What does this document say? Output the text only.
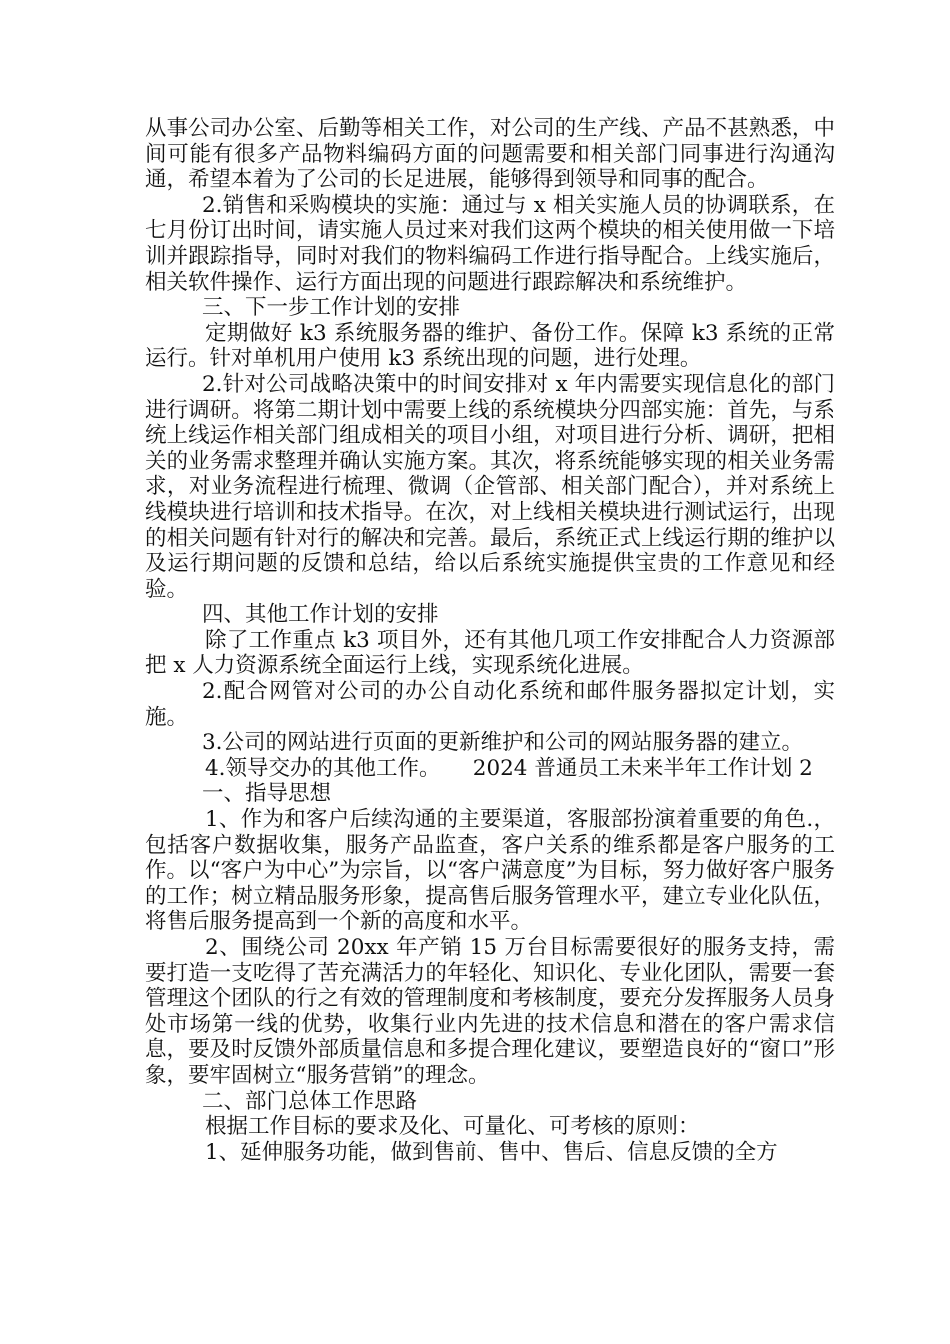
从事公司办公室、后勤等相关工作，对公司的生产线、产品不甚熟悉，中间可能有很多产品物料编码方面的问题需要和相关部门同事进行沟通沟通，希望本着为了公司的长足进展，能够得到领导和同事的配合。

2.销售和采购模块的实施：通过与 x 相关实施人员的协调联系，在七月份订出时间，请实施人员过来对我们这两个模块的相关使用做一下培训并跟踪指导，同时对我们的物料编码工作进行指导配合。上线实施后，相关软件操作、运行方面出现的问题进行跟踪解决和系统维护。

三、下一步工作计划的安排

定期做好 k3 系统服务器的维护、备份工作。保障 k3 系统的正常运行。针对单机用户使用 k3 系统出现的问题，进行处理。

2.针对公司战略决策中的时间安排对 x 年内需要实现信息化的部门进行调研。将第二期计划中需要上线的系统模块分四部实施：首先，与系统上线运作相关部门组成相关的项目小组，对项目进行分析、调研，把相关的业务需求整理并确认实施方案。其次，将系统能够实现的相关业务需求，对业务流程进行梳理、微调（企管部、相关部门配合），并对系统上线模块进行培训和技术指导。在次，对上线相关模块进行测试运行，出现的相关问题有针对行的解决和完善。最后，系统正式上线运行期的维护以及运行期问题的反馈和总结，给以后系统实施提供宝贵的工作意见和经验。

四、其他工作计划的安排

除了工作重点 k3 项目外，还有其他几项工作安排配合人力资源部把 x 人力资源系统全面运行上线，实现系统化进展。

2.配合网管对公司的办公自动化系统和邮件服务器拟定计划，实施。

3.公司的网站进行页面的更新维护和公司的网站服务器的建立。

4.领导交办的其他工作。　　2024 普通员工未来半年工作计划 2

一、指导思想

1、作为和客户后续沟通的主要渠道，客服部扮演着重要的角色.，包括客户数据收集，服务产品监查，客户关系的维系都是客户服务的工作。以“客户为中心”为宗旨，以“客户满意度”为目标，努力做好客户服务的工作；树立精品服务形象，提高售后服务管理水平，建立专业化队伍，将售后服务提高到一个新的高度和水平。

2、围绕公司 20xx 年产销 15 万台目标需要很好的服务支持，需要打造一支吃得了苦充满活力的年轻化、知识化、专业化团队，需要一套管理这个团队的行之有效的管理制度和考核制度，要充分发挥服务人员身处市场第一线的优势，收集行业内先进的技术信息和潜在的客户需求信息，要及时反馈外部质量信息和多提合理化建议，要塑造良好的“窗口”形象，要牢固树立“服务营销”的理念。

二、部门总体工作思路

根据工作目标的要求及化、可量化、可考核的原则：

1、延伸服务功能，做到售前、售中、售后、信息反馈的全方
